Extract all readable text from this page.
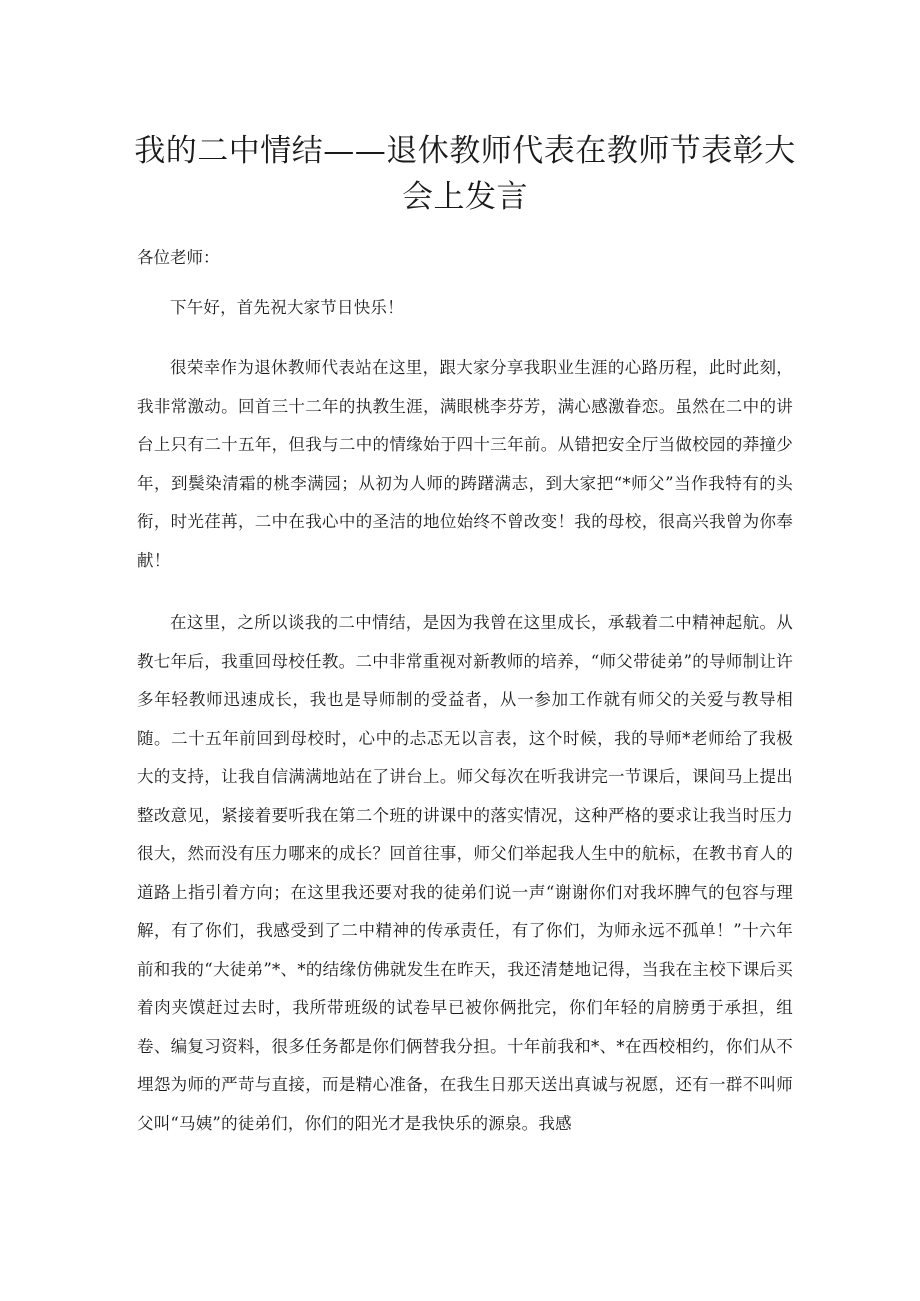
我的二中情结——退休教师代表在教师节表彰大会上发言

各位老师：

下午好，首先祝大家节日快乐！

很荣幸作为退休教师代表站在这里，跟大家分享我职业生涯的心路历程，此时此刻，我非常激动。回首三十二年的执教生涯，满眼桃李芬芳，满心感激眷恋。虽然在二中的讲台上只有二十五年，但我与二中的情缘始于四十三年前。从错把安全厅当做校园的莽撞少年，到鬓染清霜的桃李满园；从初为人师的踌躇满志，到大家把“*师父”当作我特有的头衔，时光荏苒，二中在我心中的圣洁的地位始终不曾改变！我的母校，很高兴我曾为你奉献！

在这里，之所以谈我的二中情结，是因为我曾在这里成长，承载着二中精神起航。从教七年后，我重回母校任教。二中非常重视对新教师的培养，“师父带徒弟”的导师制让许多年轻教师迅速成长，我也是导师制的受益者，从一参加工作就有师父的关爱与教导相随。二十五年前回到母校时，心中的忐忑无以言表，这个时候，我的导师*老师给了我极大的支持，让我自信满满地站在了讲台上。师父每次在听我讲完一节课后，课间马上提出整改意见，紧接着要听我在第二个班的讲课中的落实情况，这种严格的要求让我当时压力很大，然而没有压力哪来的成长？回首往事，师父们举起我人生中的航标，在教书育人的道路上指引着方向；在这里我还要对我的徒弟们说一声“谢谢你们对我坏脾气的包容与理解，有了你们，我感受到了二中精神的传承责任，有了你们，为师永远不孤单！”十六年前和我的“大徒弟”*、*的结缘仿佛就发生在昨天，我还清楚地记得，当我在主校下课后买着肉夹馍赶过去时，我所带班级的试卷早已被你俩批完，你们年轻的肩膀勇于承担，组卷、编复习资料，很多任务都是你们俩替我分担。十年前我和*、*在西校相约，你们从不埋怨为师的严苛与直接，而是精心准备，在我生日那天送出真诚与祝愿，还有一群不叫师父叫“马姨”的徒弟们，你们的阳光才是我快乐的源泉。我感
